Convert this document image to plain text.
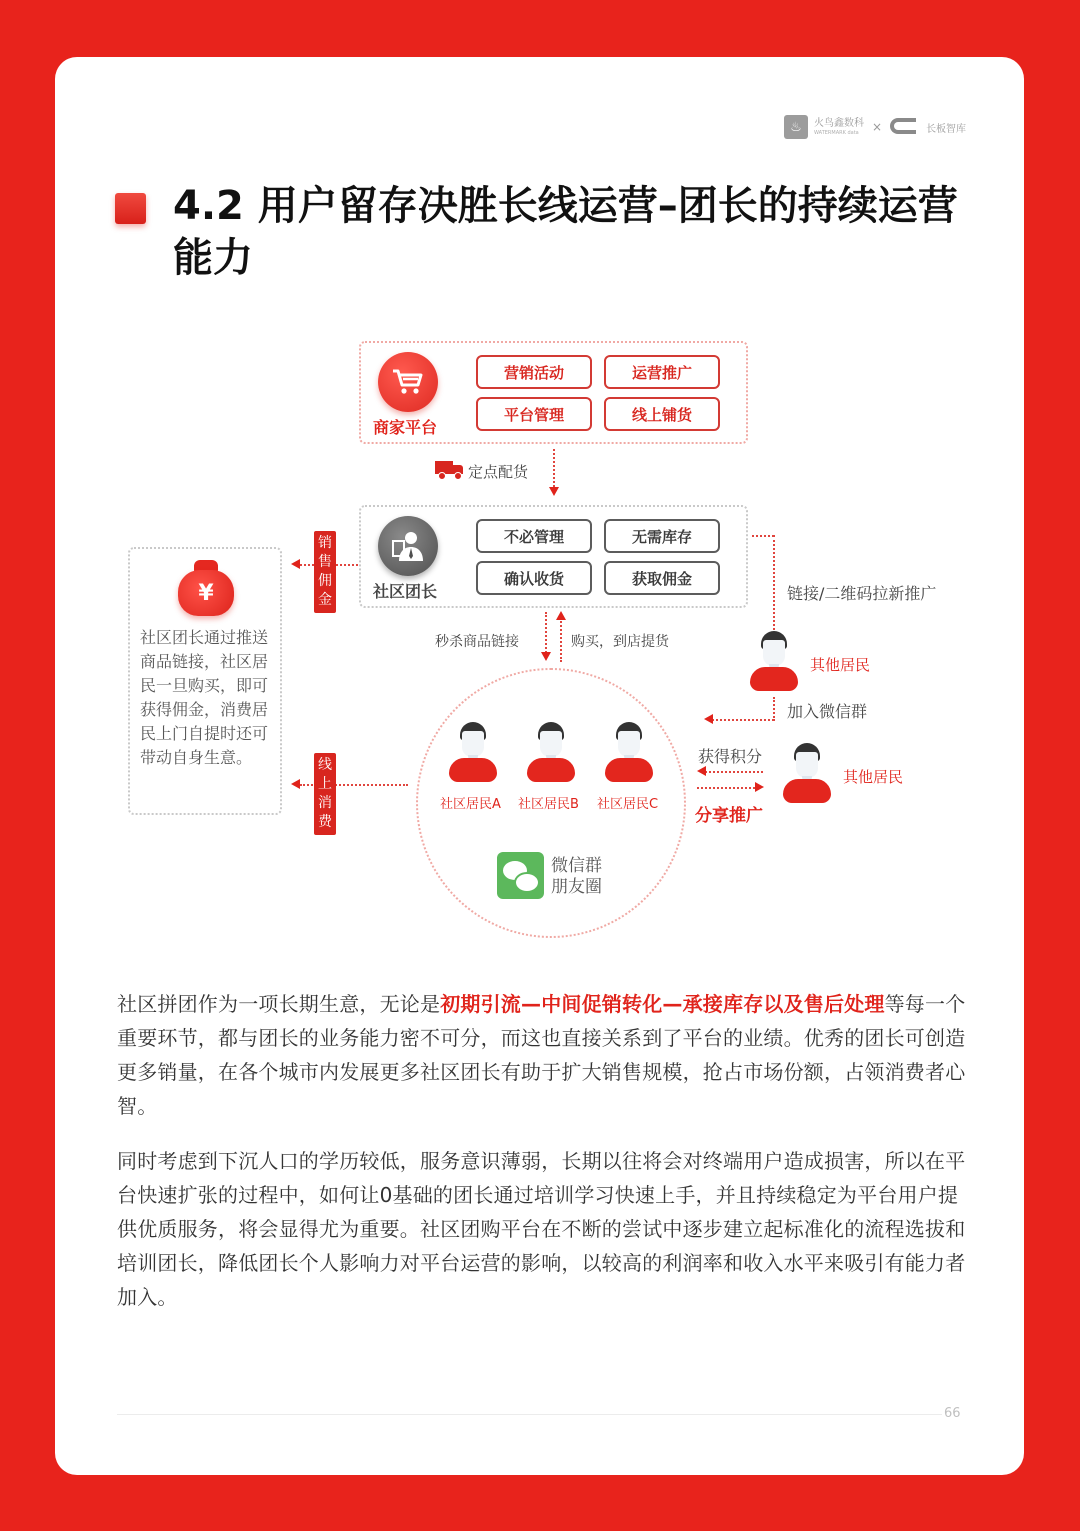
♨	火鸟鑫数科
WATERMARK data	×	长板智库
4.2 用户留存决胜长线运营–团长的持续运营能力
商家平台
营销活动	运营推广
平台管理	线上铺货
定点配货
社区团长
不必管理	无需库存
确认收货	获取佣金
¥
社区团长通过推送商品链接，社区居民一旦购买，即可获得佣金，消费居民上门自提时还可带动自身生意。
销售佣金
线上消费
秒杀商品链接	购买，到店提货
社区居民A 社区居民B 社区居民C
微信群
朋友圈
链接/二维码拉新推广
其他居民
加入微信群
获得积分
分享推广
其他居民
社区拼团作为一项长期生意，无论是初期引流—中间促销转化—承接库存以及售后处理等每一个重要环节，都与团长的业务能力密不可分，而这也直接关系到了平台的业绩。优秀的团长可创造更多销量，在各个城市内发展更多社区团长有助于扩大销售规模，抢占市场份额，占领消费者心智。
同时考虑到下沉人口的学历较低，服务意识薄弱，长期以往将会对终端用户造成损害，所以在平台快速扩张的过程中，如何让0基础的团长通过培训学习快速上手，并且持续稳定为平台用户提供优质服务，将会显得尤为重要。社区团购平台在不断的尝试中逐步建立起标准化的流程选拔和培训团长，降低团长个人影响力对平台运营的影响，以较高的利润率和收入水平来吸引有能力者加入。
66
